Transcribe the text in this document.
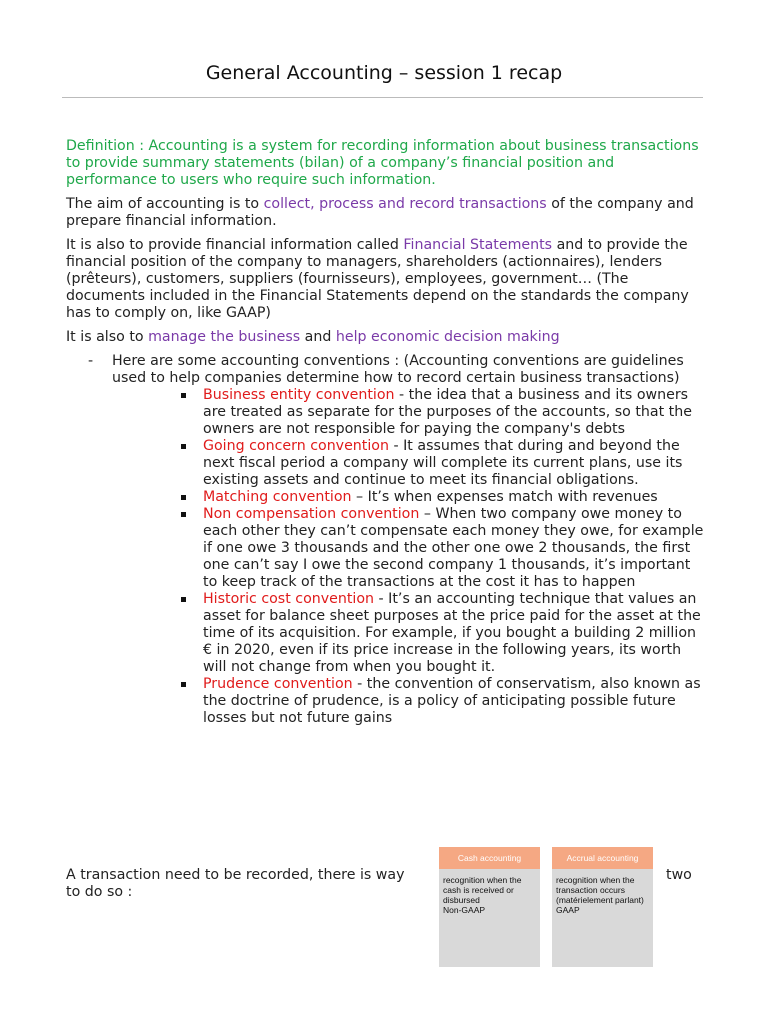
General Accounting – session 1 recap

Definition : Accounting is a system for recording information about business transactions to provide summary statements (bilan) of a company’s financial position and performance to users who require such information.

The aim of accounting is to collect, process and record transactions of the company and prepare financial information.

It is also to provide financial information called Financial Statements and to provide the financial position of the company to managers, shareholders (actionnaires), lenders (prêteurs), customers, suppliers (fournisseurs), employees, government… (The documents included in the Financial Statements depend on the standards the company has to comply on, like GAAP)

It is also to manage the business and help economic decision making

- Here are some accounting conventions : (Accounting conventions are guidelines used to help companies determine how to record certain business transactions)
Business entity convention - the idea that a business and its owners are treated as separate for the purposes of the accounts, so that the owners are not responsible for paying the company's debts
Going concern convention - It assumes that during and beyond the next fiscal period a company will complete its current plans, use its existing assets and continue to meet its financial obligations.
Matching convention – It’s when expenses match with revenues
Non compensation convention – When two company owe money to each other they can’t compensate each money they owe, for example if one owe 3 thousands and the other one owe 2 thousands, the first one can’t say I owe the second company 1 thousands, it’s important to keep track of the transactions at the cost it has to happen
Historic cost convention - It’s an accounting technique that values an asset for balance sheet purposes at the price paid for the asset at the time of its acquisition. For example, if you bought a building 2 million € in 2020, even if its price increase in the following years, its worth will not change from when you bought it.
Prudence convention - the convention of conservatism, also known as the doctrine of prudence, is a policy of anticipating possible future losses but not future gains
A transaction need to be recorded, there is way to do so :
two
Cash accounting
recognition when the cash is received or disbursed
Non-GAAP
Accrual accounting
recognition when the transaction occurs (matérielement parlant)
GAAP
